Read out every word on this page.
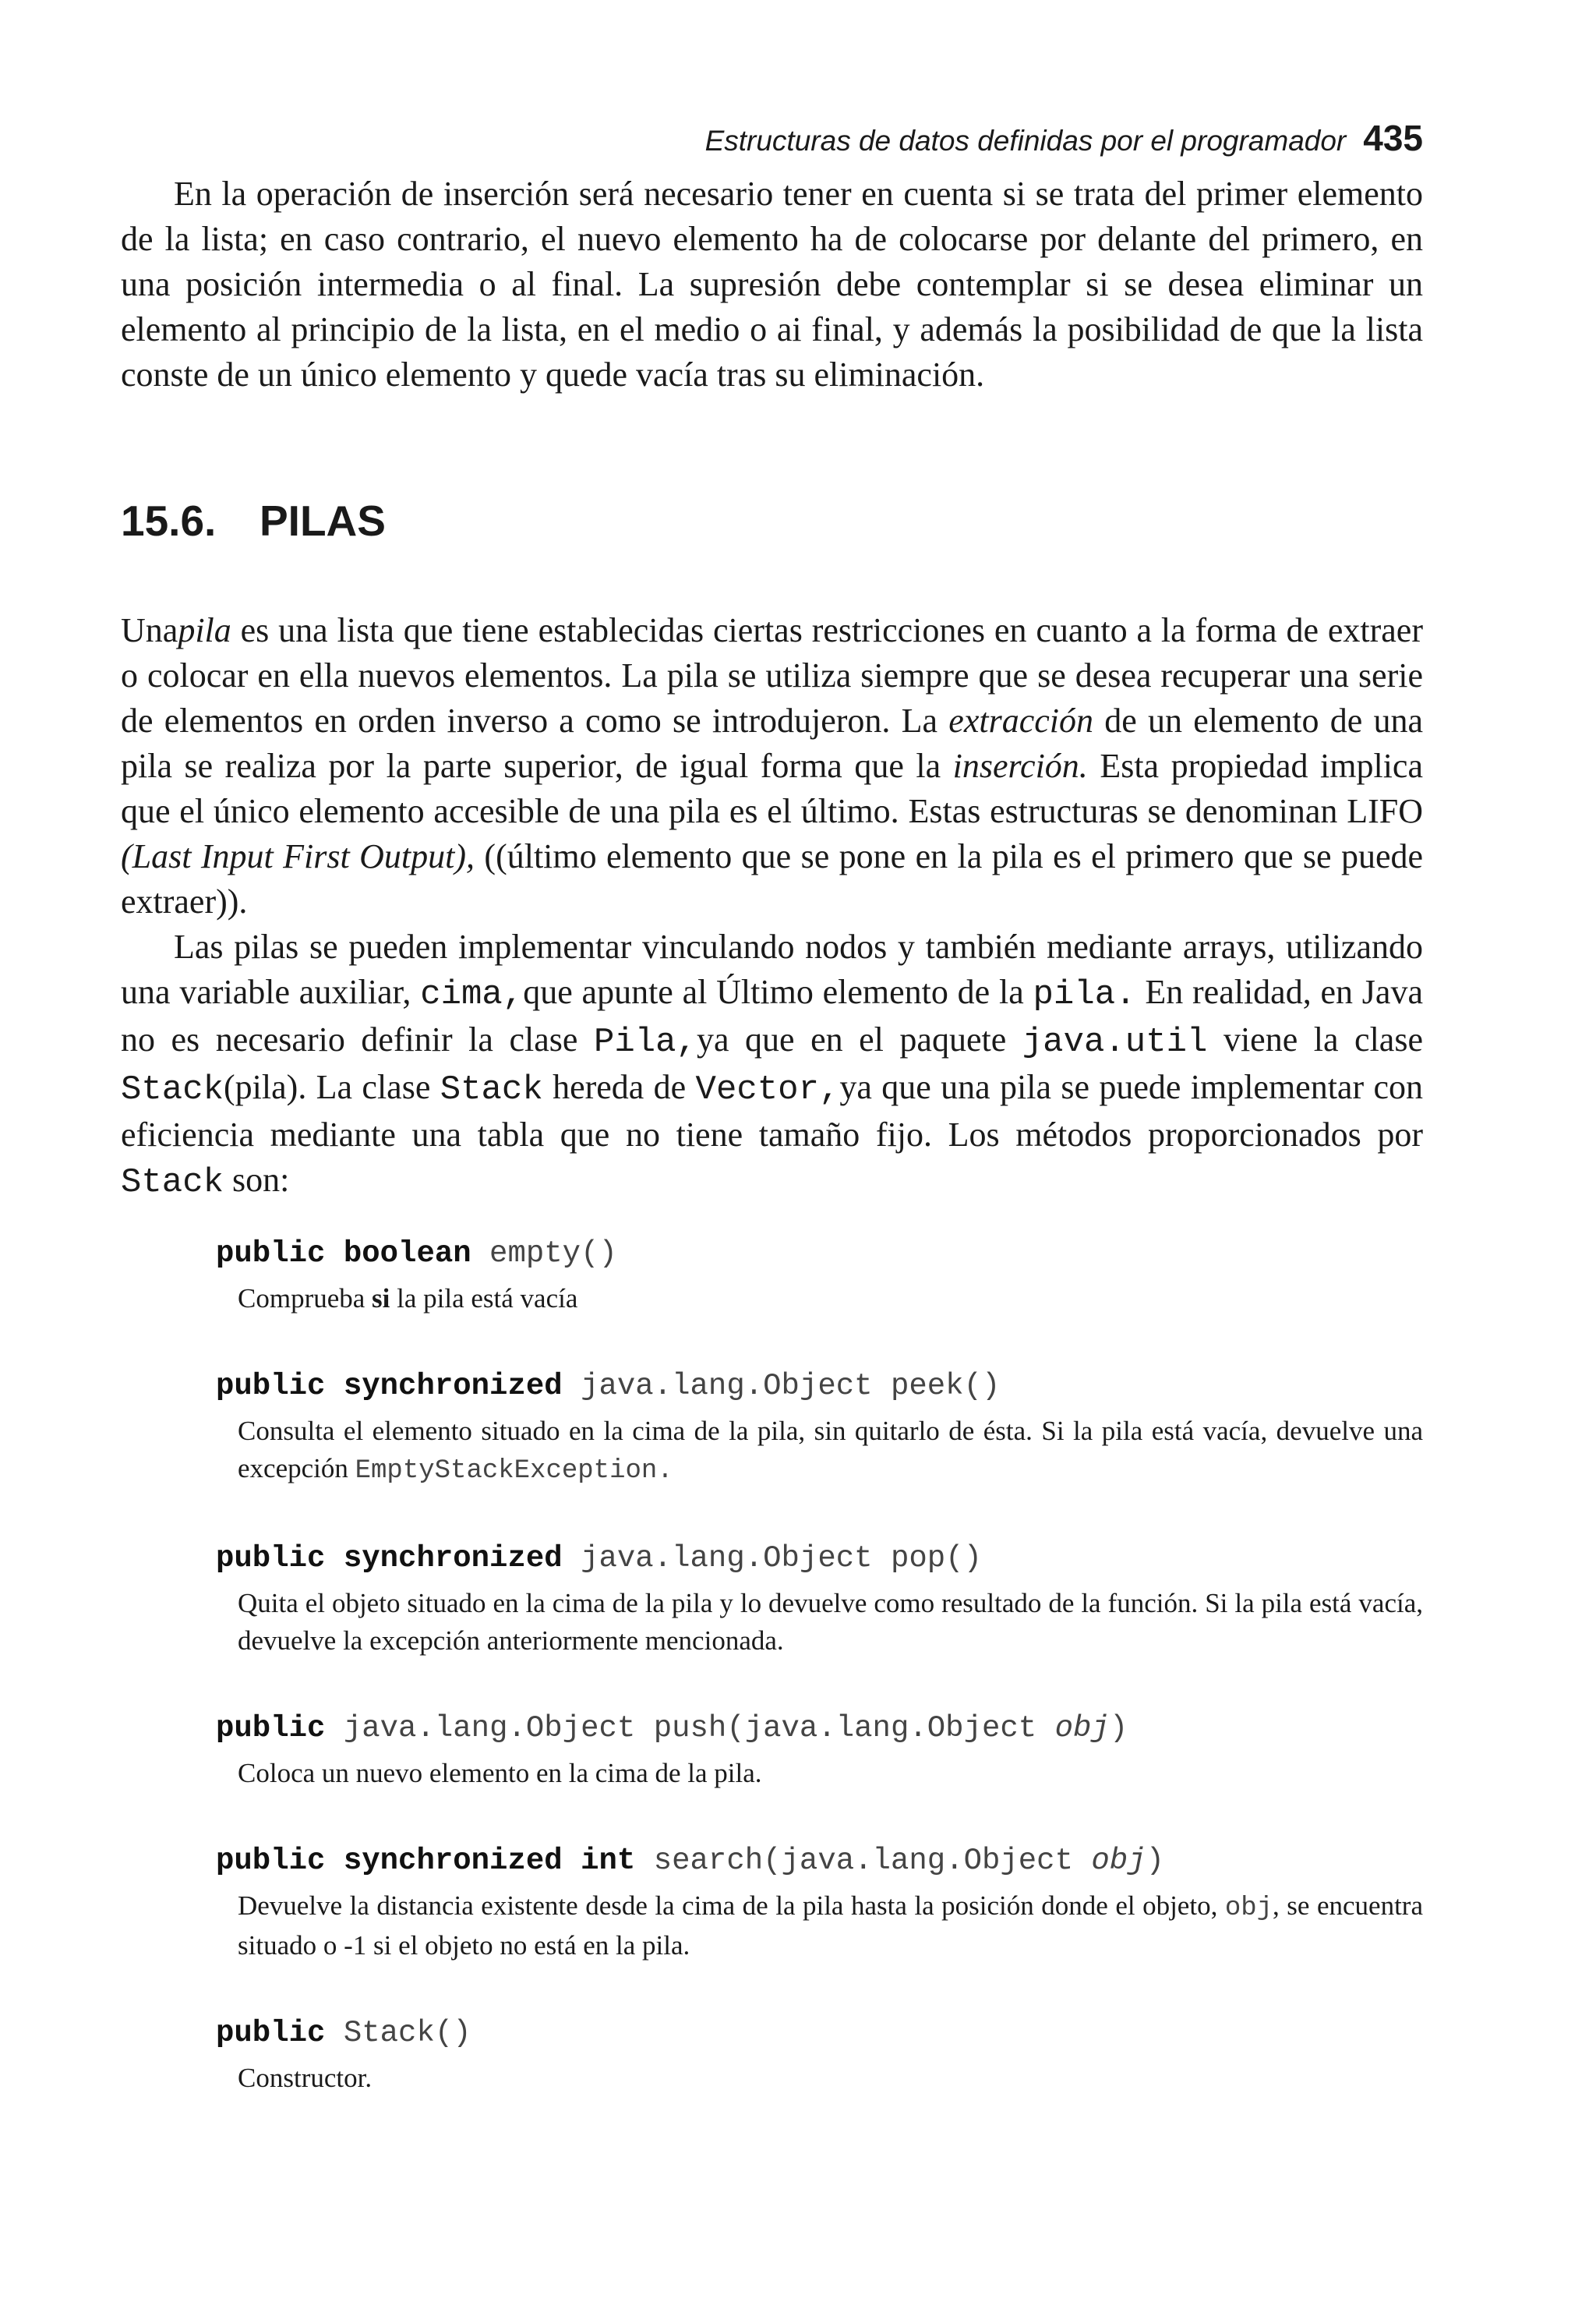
Estructuras de datos definidas por el programador 435

En la operación de inserción será necesario tener en cuenta si se trata del primer elemento de la lista; en caso contrario, el nuevo elemento ha de colocarse por delante del primero, en una posición intermedia o al final. La supresión debe contemplar si se desea eliminar un elemento al principio de la lista, en el medio o ai final, y además la posibilidad de que la lista conste de un único elemento y quede vacía tras su eliminación.

15.6. PILAS

Unapila es una lista que tiene establecidas ciertas restricciones en cuanto a la forma de extraer o colocar en ella nuevos elementos. La pila se utiliza siempre que se desea recuperar una serie de elementos en orden inverso a como se introdujeron. La extracción de un elemento de una pila se realiza por la parte superior, de igual forma que la inserción. Esta propiedad implica que el único elemento accesible de una pila es el último. Estas estructuras se denominan LIFO (Last Input First Output), ((último elemento que se pone en la pila es el primero que se puede extraer)).

Las pilas se pueden implementar vinculando nodos y también mediante arrays, utilizando una variable auxiliar, cima,que apunte al Último elemento de la pila. En realidad, en Java no es necesario definir la clase Pila,ya que en el paquete java.util viene la clase Stack(pila). La clase Stack hereda de Vector,ya que una pila se puede implementar con eficiencia mediante una tabla que no tiene tamaño fijo. Los métodos proporcionados por Stack son:

public boolean empty()
Comprueba si la pila está vacía
public synchronized java.lang.Object peek()
Consulta el elemento situado en la cima de la pila, sin quitarlo de ésta. Si la pila está vacía, devuelve una excepción EmptyStackException.
public synchronized java.lang.Object pop()
Quita el objeto situado en la cima de la pila y lo devuelve como resultado de la función. Si la pila está vacía, devuelve la excepción anteriormente mencionada.
public java.lang.Object push(java.lang.Object obj)
Coloca un nuevo elemento en la cima de la pila.
public synchronized int search(java.lang.Object obj)
Devuelve la distancia existente desde la cima de la pila hasta la posición donde el objeto, obj, se encuentra situado o -1 si el objeto no está en la pila.
public Stack()
Constructor.
